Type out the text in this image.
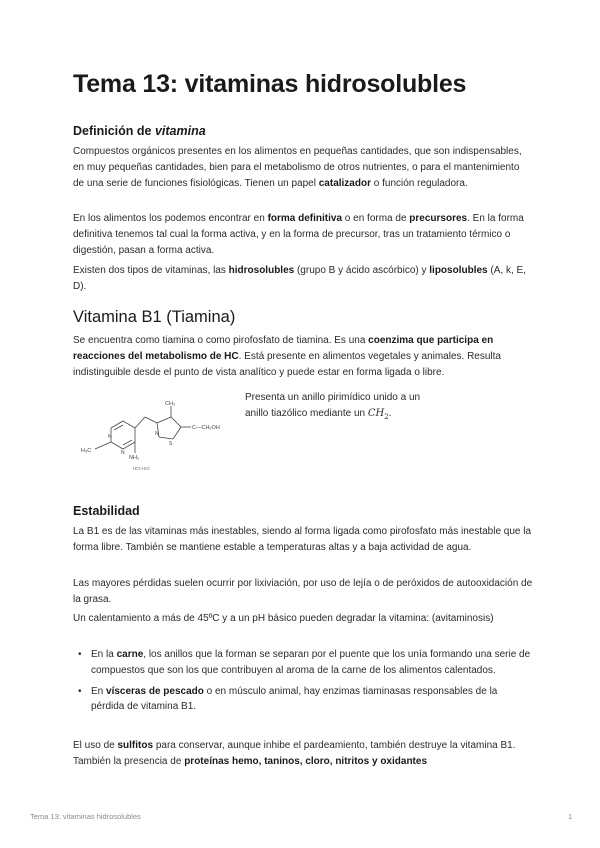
Tema 13: vitaminas hidrosolubles
Definición de vitamina

Compuestos orgánicos presentes en los alimentos en pequeñas cantidades, que son indispensables, en muy pequeñas cantidades, bien para el metabolismo de otros nutrientes, o para el mantenimiento de una serie de funciones fisiológicas. Tienen un papel catalizador o función reguladora.

En los alimentos los podemos encontrar en forma definitiva o en forma de precursores. En la forma definitiva tenemos tal cual la forma activa, y en la forma de precursor, tras un tratamiento térmico o digestión, pasan a forma activa.

Existen dos tipos de vitaminas, las hidrosolubles (grupo B y ácido ascórbico) y liposolubles (A, k, E, D).

Vitamina B1 (Tiamina)

Se encuentra como tiamina o como pirofosfato de tiamina. Es una coenzima que participa en reacciones del metabolismo de HC. Está presente en alimentos vegetales y animales. Resulta indistinguible desde el punto de vista analítico y puede estar en forma ligada o libre.

CH₃
C—CH₂OH
H₃C
NH₂
HCl·HCl
N
N
N
S
Presenta un anillo pirimídico unido a un anillo tiazólico mediante un $CH_2$.
Estabilidad

La B1 es de las vitaminas más inestables, siendo al forma ligada como pirofosfato más inestable que la forma libre. También se mantiene estable a temperaturas altas y a baja actividad de agua.

Las mayores pérdidas suelen ocurrir por lixiviación, por uso de lejía o de peróxidos de autooxidación de la grasa.

Un calentamiento a más de 45ºC y a un pH básico pueden degradar la vitamina: (avitaminosis)

• En la carne, los anillos que la forman se separan por el puente que los unía formando una serie de compuestos que son los que contribuyen al aroma de la carne de los alimentos calentados.
• En vísceras de pescado o en músculo animal, hay enzimas tiaminasas responsables de la pérdida de vitamina B1.

El uso de sulfitos para conservar, aunque inhibe el pardeamiento, también destruye la vitamina B1. También la presencia de proteínas hemo, taninos, cloro, nitritos y oxidantes

Tema 13: vitaminas hidrosolubles	1
